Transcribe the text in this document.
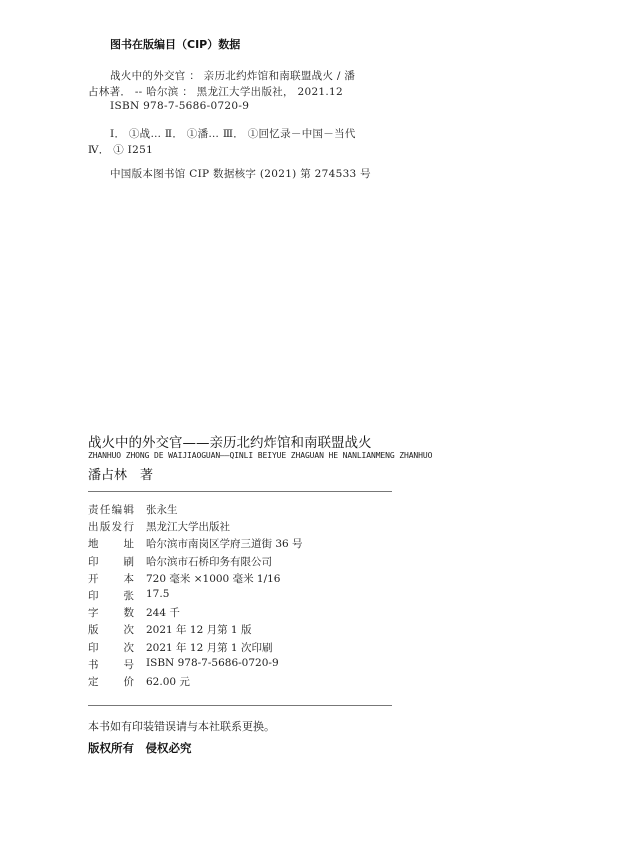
图书在版编目（CIP）数据
战火中的外交官 ： 亲历北约炸馆和南联盟战火 / 潘
占林著． -- 哈尔滨 ： 黑龙江大学出版社， 2021.12
ISBN 978-7-5686-0720-9
Ⅰ． ①战… Ⅱ． ①潘… Ⅲ． ①回忆录－中国－当代
Ⅳ． ① I251
中国版本图书馆 CIP 数据核字 (2021) 第 274533 号
战火中的外交官——亲历北约炸馆和南联盟战火
ZHANHUO ZHONG DE WAIJIAOGUAN——QINLI BEIYUE ZHAGUAN HE NANLIANMENG ZHANHUO
潘占林　著
责 任 编 辑 张永生
出 版 发 行 黑龙江大学出版社
地 址 哈尔滨市南岗区学府三道街 36 号
印 刷 哈尔滨市石桥印务有限公司
开 本 720 毫米 ×1000 毫米 1/16
印 张 17.5
字 数 244 千
版 次 2021 年 12 月第 1 版
印 次 2021 年 12 月第 1 次印刷
书 号 ISBN 978-7-5686-0720-9
定 价 62.00 元
本书如有印装错误请与本社联系更换。
版权所有　侵权必究
